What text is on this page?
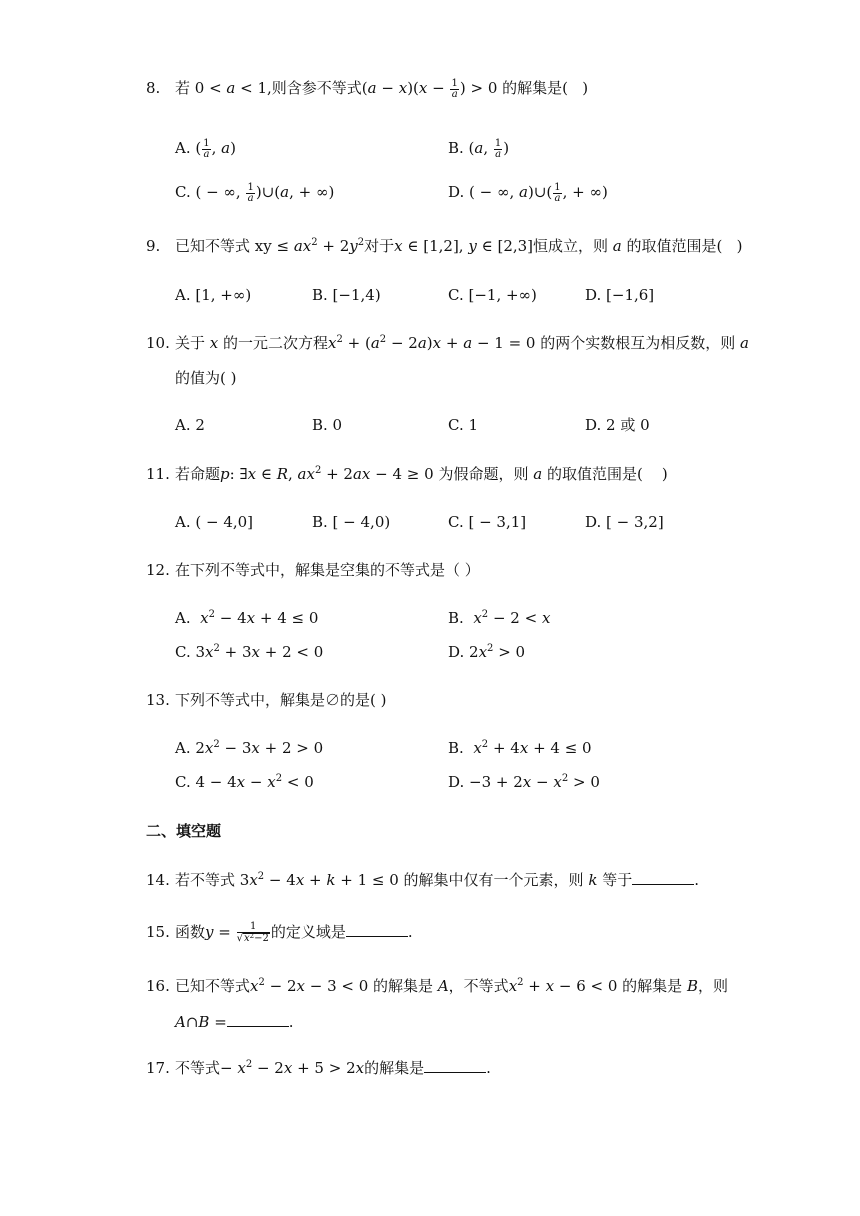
8. 若 0 < a < 1,则含参不等式$(a - x)(x - \frac{1}{a}$ ) > 0 的解集是(   )
A. ( $\frac{1}{a}$ , a)	B. (a, $\frac{1}{a}$ )
C. ( − ∞, $\frac{1}{a}$ )∪(a, + ∞)	D. ( − ∞, a)∪( $\frac{1}{a}$ , + ∞)
9. 已知不等式 xy ≤ $ax^2 + 2y^2$对于x ∈ [1,2], y ∈ [2,3]恒成立，则 a 的取值范围是(   )
A. [1, +∞)	B. [−1,4)	C. [−1, +∞)	D. [−1,6]
10. 关于 x 的一元二次方程$x^2 + (a^2 - 2a)x + a - 1 = 0$ 的两个实数根互为相反数，则 a
的值为( )
A. 2	B. 0	C. 1	D. 2 或 0
11. 若命题p: ∃x ∈ R, $ax^2 + 2ax - 4 \ge 0$ 为假命题，则 a 的取值范围是(    )
A. ( − 4,0]	B. [ − 4,0)	C. [ − 3,1]	D. [ − 3,2]
12. 在下列不等式中，解集是空集的不等式是（ ）
A.  $x^2 - 4x + 4 \le 0$	B.  $x^2 - 2 < x$
C. $3x^2 + 3x + 2 < 0$	D. $2x^2 > 0$
13. 下列不等式中，解集是∅的是( )
A. $2x^2 - 3x + 2 > 0$	B.  $x^2 + 4x + 4 \le 0$
C. $4 - 4x - x^2 < 0$	D. $-3 + 2x - x^2 > 0$
二、填空题
14. 若不等式 $3x^2 - 4x + k + 1 \le 0$ 的解集中仅有一个元素，则 k 等于	.
15. 函数$y = \frac{1}{√x^2-2}$ 的定义域是	.
16. 已知不等式$x^2 - 2x - 3 < 0$ 的解集是 A，不等式$x^2 + x - 6 < 0$ 的解集是 B，则
A∩B =	.
17. 不等式− $x^2 - 2x + 5 > 2x$的解集是	.
